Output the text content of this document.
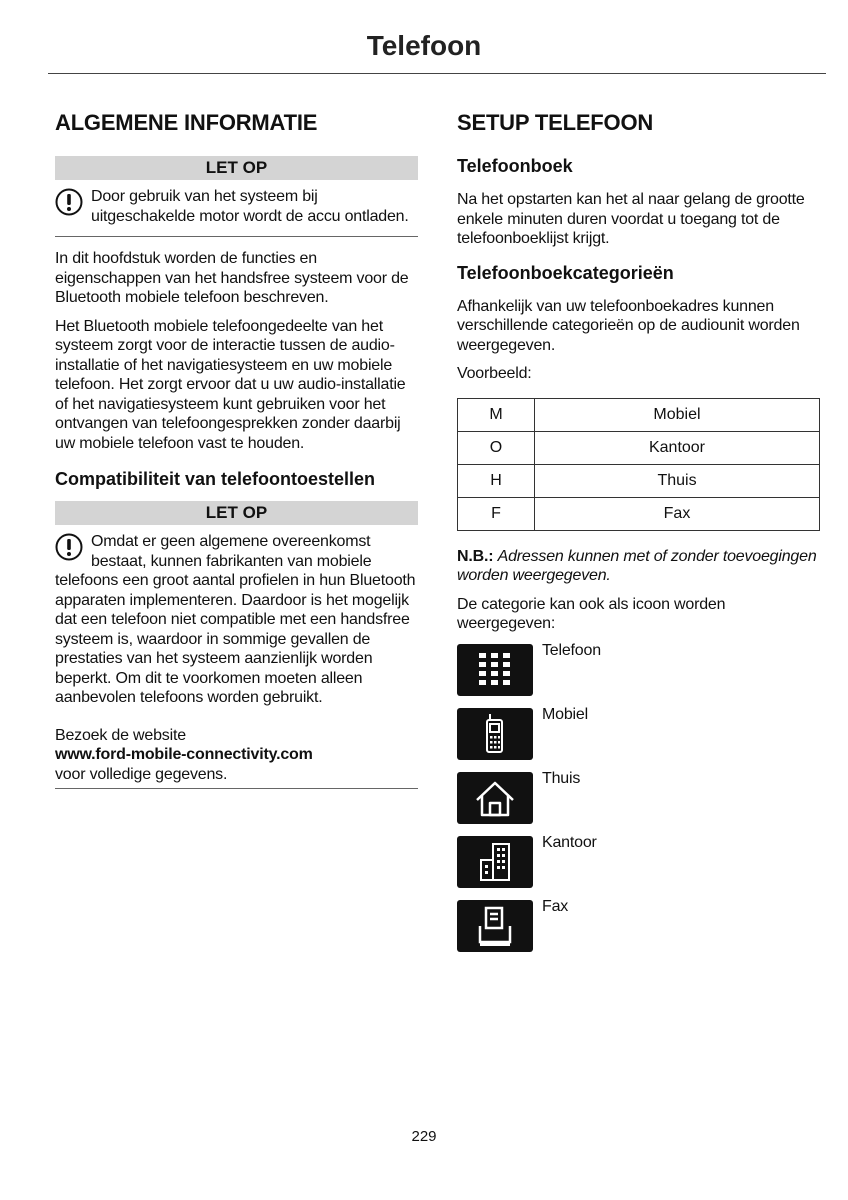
Telefoon
ALGEMENE INFORMATIE
LET OP
Door gebruik van het systeem bij uitgeschakelde motor wordt de accu ontladen.

In dit hoofdstuk worden de functies en eigenschappen van het handsfree systeem voor de Bluetooth mobiele telefoon beschreven.

Het Bluetooth mobiele telefoongedeelte van het systeem zorgt voor de interactie tussen de audio-installatie of het navigatiesysteem en uw mobiele telefoon. Het zorgt ervoor dat u uw audio-installatie of het navigatiesysteem kunt gebruiken voor het ontvangen van telefoongesprekken zonder daarbij uw mobiele telefoon vast te houden.

Compatibiliteit van telefoontoestellen
LET OP
Omdat er geen algemene overeenkomst bestaat, kunnen fabrikanten van mobiele telefoons een groot aantal profielen in hun Bluetooth apparaten implementeren. Daardoor is het mogelijk dat een telefoon niet compatible met een handsfree systeem is, waardoor in sommige gevallen de prestaties van het systeem aanzienlijk worden beperkt. Om dit te voorkomen moeten alleen aanbevolen telefoons worden gebruikt.

Bezoek de website

www.ford-mobile-connectivity.com

voor volledige gegevens.

SETUP TELEFOON
Telefoonboek

Na het opstarten kan het al naar gelang de grootte enkele minuten duren voordat u toegang tot de telefoonboeklijst krijgt.

Telefoonboekcategorieën

Afhankelijk van uw telefoonboekadres kunnen verschillende categorieën op de audiounit worden weergegeven.

Voorbeeld:

M	Mobiel
O	Kantoor
H	Thuis
F	Fax

N.B.: Adressen kunnen met of zonder toevoegingen worden weergegeven.

De categorie kan ook als icoon worden weergegeven:

Telefoon
Mobiel
Thuis
Kantoor
Fax
229
